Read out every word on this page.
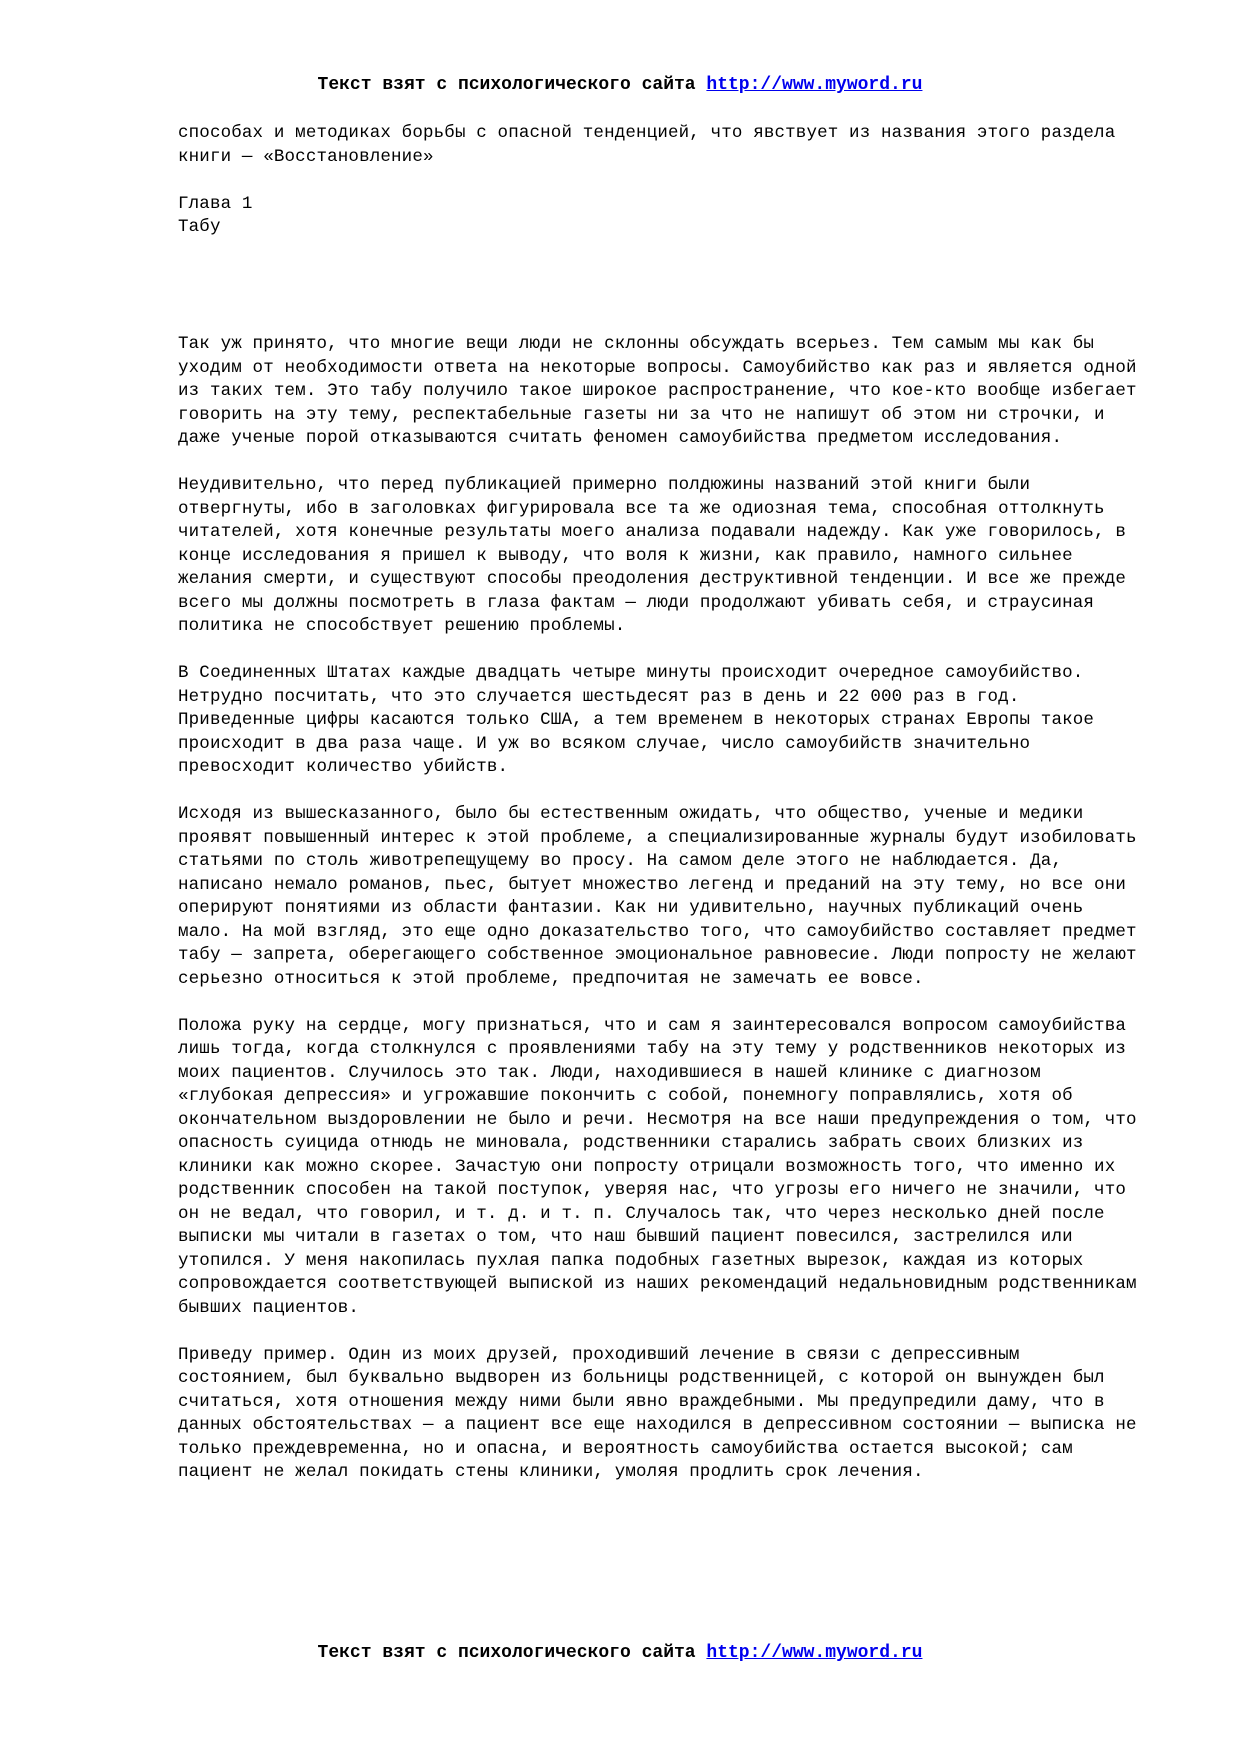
Текст взят с психологического сайта http://www.myword.ru

способах и методиках борьбы с опасной тенденцией, что явствует из названия этого раздела книги — «Восстановление»

Глава 1
Табу

Так уж принято, что многие вещи люди не склонны обсуждать всерьез. Тем самым мы как бы уходим от необходимости ответа на некоторые вопросы. Самоубийство как раз и является одной из таких тем. Это табу получило такое широкое распространение, что кое-кто вообще избегает говорить на эту тему, респектабельные газеты ни за что не напишут об этом ни строчки, и даже ученые порой отказываются считать феномен самоубийства предметом исследования.

Неудивительно, что перед публикацией примерно полдюжины названий этой книги были отвергнуты, ибо в заголовках фигурировала все та же одиозная тема, способная оттолкнуть читателей, хотя конечные результаты моего анализа подавали надежду. Как уже говорилось, в конце исследования я пришел к выводу, что воля к жизни, как правило, намного сильнее желания смерти, и существуют способы преодоления деструктивной тенденции. И все же прежде всего мы должны посмотреть в глаза фактам — люди продолжают убивать себя, и страусиная политика не способствует решению проблемы.

В Соединенных Штатах каждые двадцать четыре минуты происходит очередное самоубийство. Нетрудно посчитать, что это случается шестьдесят раз в день и 22 000 раз в год. Приведенные цифры касаются только США, а тем временем в некоторых странах Европы такое происходит в два раза чаще. И уж во всяком случае, число самоубийств значительно превосходит количество убийств.

Исходя из вышесказанного, было бы естественным ожидать, что общество, ученые и медики проявят повышенный интерес к этой проблеме, а специализированные журналы будут изобиловать статьями по столь животрепещущему во просу. На самом деле этого не наблюдается. Да, написано немало романов, пьес, бытует множество легенд и преданий на эту тему, но все они оперируют понятиями из области фантазии. Как ни удивительно, научных публикаций очень мало. На мой взгляд, это еще одно доказательство того, что самоубийство составляет предмет табу — запрета, оберегающего собственное эмоциональное равновесие. Люди попросту не желают серьезно относиться к этой проблеме, предпочитая не замечать ее вовсе.

Положа руку на сердце, могу признаться, что и сам я заинтересовался вопросом самоубийства лишь тогда, когда столкнулся с проявлениями табу на эту тему у родственников некоторых из моих пациентов. Случилось это так. Люди, находившиеся в нашей клинике с диагнозом «глубокая депрессия» и угрожавшие покончить с собой, понемногу поправлялись, хотя об окончательном выздоровлении не было и речи. Несмотря на все наши предупреждения о том, что опасность суицида отнюдь не миновала, родственники старались забрать своих близких из клиники как можно скорее. Зачастую они попросту отрицали возможность того, что именно их родственник способен на такой поступок, уверяя нас, что угрозы его ничего не значили, что он не ведал, что говорил, и т. д. и т. п. Случалось так, что через несколько дней после выписки мы читали в газетах о том, что наш бывший пациент повесился, застрелился или утопился. У меня накопилась пухлая папка подобных газетных вырезок, каждая из которых сопровождается соответствующей выпиской из наших рекомендаций недальновидным родственникам бывших пациентов.

Приведу пример. Один из моих друзей, проходивший лечение в связи с депрессивным состоянием, был буквально выдворен из больницы родственницей, с которой он вынужден был считаться, хотя отношения между ними были явно враждебными. Мы предупредили даму, что в данных обстоятельствах — а пациент все еще находился в депрессивном состоянии — выписка не только преждевременна, но и опасна, и вероятность самоубийства остается высокой; сам пациент не желал покидать стены клиники, умоляя продлить срок лечения.

Текст взят с психологического сайта http://www.myword.ru
